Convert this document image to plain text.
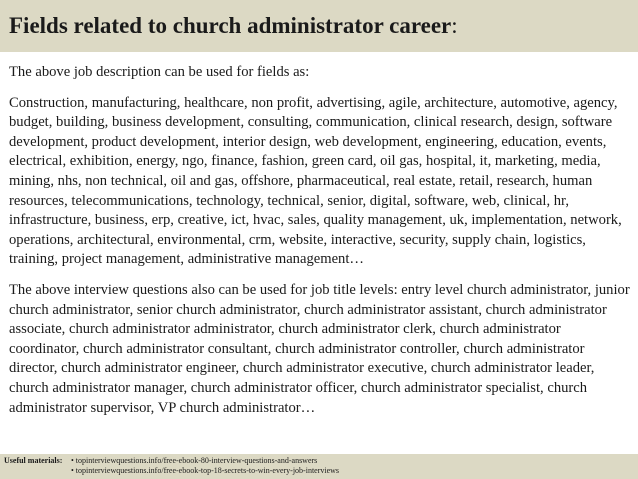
Fields related to church administrator career:

The above job description can be used for fields as:

Construction, manufacturing, healthcare, non profit, advertising, agile, architecture, automotive, agency, budget, building, business development, consulting, communication, clinical research, design, software development, product development, interior design, web development, engineering, education, events, electrical, exhibition, energy, ngo, finance, fashion, green card, oil gas, hospital, it, marketing, media, mining, nhs, non technical, oil and gas, offshore, pharmaceutical, real estate, retail, research, human resources, telecommunications, technology, technical, senior, digital, software, web, clinical, hr, infrastructure, business, erp, creative, ict, hvac, sales, quality management, uk, implementation, network, operations, architectural, environmental, crm, website, interactive, security, supply chain, logistics, training, project management, administrative management…

The above interview questions also can be used for job title levels: entry level church administrator, junior church administrator, senior church administrator, church administrator assistant, church administrator associate, church administrator administrator, church administrator clerk, church administrator coordinator, church administrator consultant, church administrator controller, church administrator director, church administrator engineer, church administrator executive, church administrator leader, church administrator manager, church administrator officer, church administrator specialist, church administrator supervisor, VP church administrator…

Useful materials:• topinterviewquestions.info/free-ebook-80-interview-questions-and-answers
• topinterviewquestions.info/free-ebook-top-18-secrets-to-win-every-job-interviews
